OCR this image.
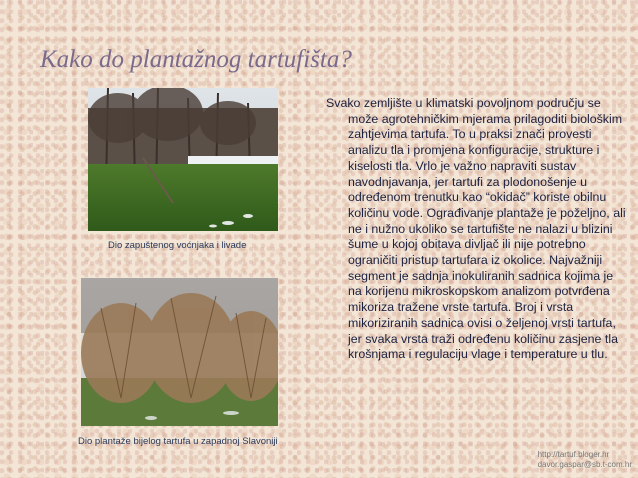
Kako do plantažnog tartufišta?
Dio zapuštenog voćnjaka i livade
Dio plantaže bijelog tartufa u zapadnoj Slavoniji

Svako zemljište u klimatski povoljnom području se može agrotehničkim mjerama prilagoditi biološkim zahtjevima tartufa. To u praksi znači provesti analizu tla i promjena konfiguracije, strukture i kiselosti tla. Vrlo je važno napraviti sustav navodnjavanja, jer tartufi za plodonošenje u određenom trenutku kao “okidač” koriste obilnu količinu vode. Ograđivanje plantaže je poželjno, ali ne i nužno ukoliko se tartufište ne nalazi u blizini šume u kojoj obitava divljač ili nije potrebno ograničiti pristup tartufara iz okolice. Najvažniji segment je sadnja inokuliranih sadnica kojima je na korijenu mikroskopskom analizom potvrđena mikoriza tražene vrste tartufa. Broj i vrsta mikoriziranih sadnica ovisi o željenoj vrsti tartufa, jer svaka vrsta traži određenu količinu zasjene tla krošnjama i regulaciju vlage i temperature u tlu.

http://tartuf.bloger.hr
davor.gaspar@sb.t-com.hr
